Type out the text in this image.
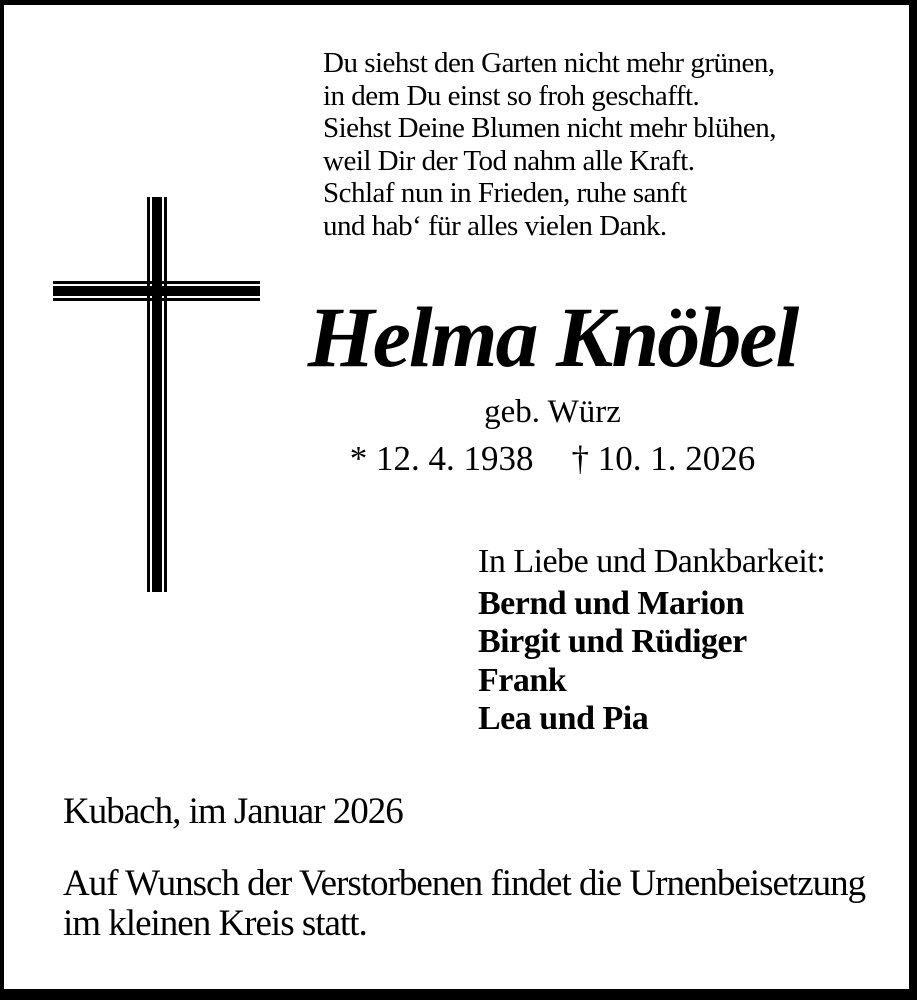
Du siehst den Garten nicht mehr grünen,
in dem Du einst so froh geschafft.
Siehst Deine Blumen nicht mehr blühen,
weil Dir der Tod nahm alle Kraft.
Schlaf nun in Frieden, ruhe sanft
und hab‘ für alles vielen Dank.
Helma Knöbel
geb. Würz
* 12. 4. 1938 † 10. 1. 2026
In Liebe und Dankbarkeit:
Bernd und Marion
Birgit und Rüdiger
Frank
Lea und Pia
Kubach, im Januar 2026
Auf Wunsch der Verstorbenen findet die Urnenbeisetzung
im kleinen Kreis statt.
